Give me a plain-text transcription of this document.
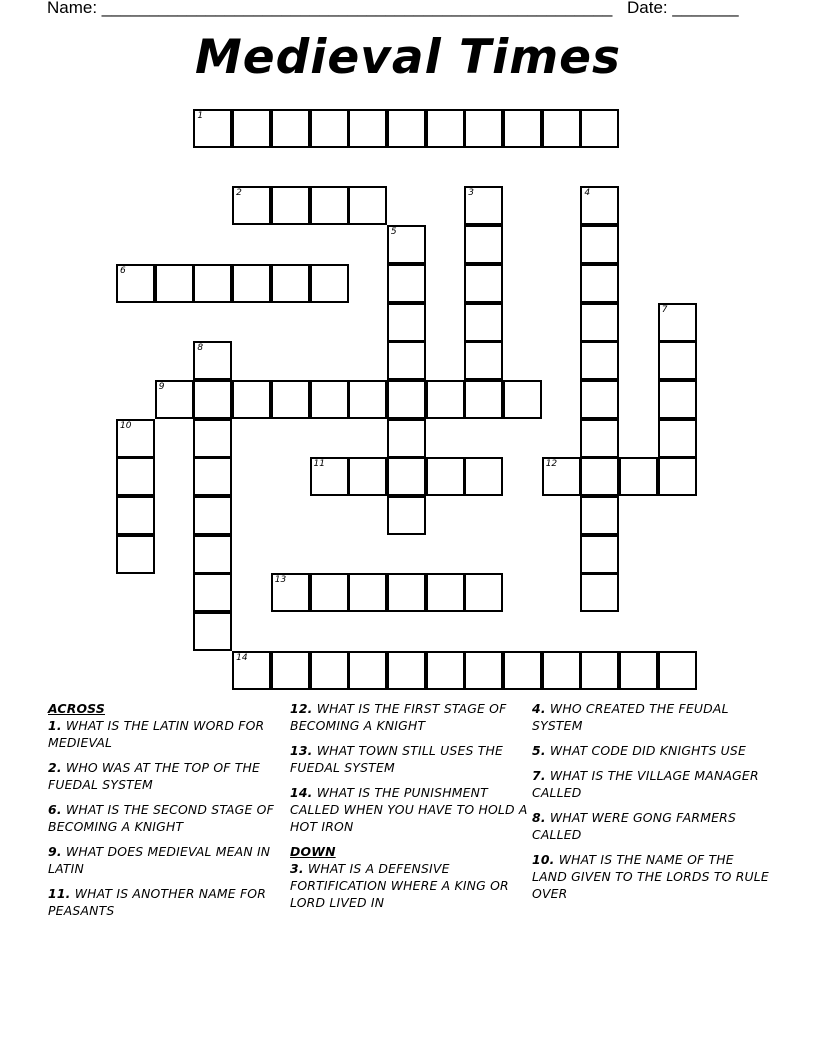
Name: ______________________________________________________ Date: _______
Medieval Times
1
2	3	4
5
6
7
8
9
10
11	12
13
14
ACROSS
1. WHAT IS THE LATIN WORD FOR MEDIEVAL
2. WHO WAS AT THE TOP OF THE FUEDAL SYSTEM
6. WHAT IS THE SECOND STAGE OF BECOMING A KNIGHT
9. WHAT DOES MEDIEVAL MEAN IN LATIN
11. WHAT IS ANOTHER NAME FOR PEASANTS
12. WHAT IS THE FIRST STAGE OF BECOMING A KNIGHT
13. WHAT TOWN STILL USES THE FUEDAL SYSTEM
14. WHAT IS THE PUNISHMENT CALLED WHEN YOU HAVE TO HOLD A HOT IRON
DOWN
3. WHAT IS A DEFENSIVE FORTIFICATION WHERE A KING OR LORD LIVED IN
4. WHO CREATED THE FEUDAL SYSTEM
5. WHAT CODE DID KNIGHTS USE
7. WHAT IS THE VILLAGE MANAGER CALLED
8. WHAT WERE GONG FARMERS CALLED
10. WHAT IS THE NAME OF THE LAND GIVEN TO THE LORDS TO RULE OVER
